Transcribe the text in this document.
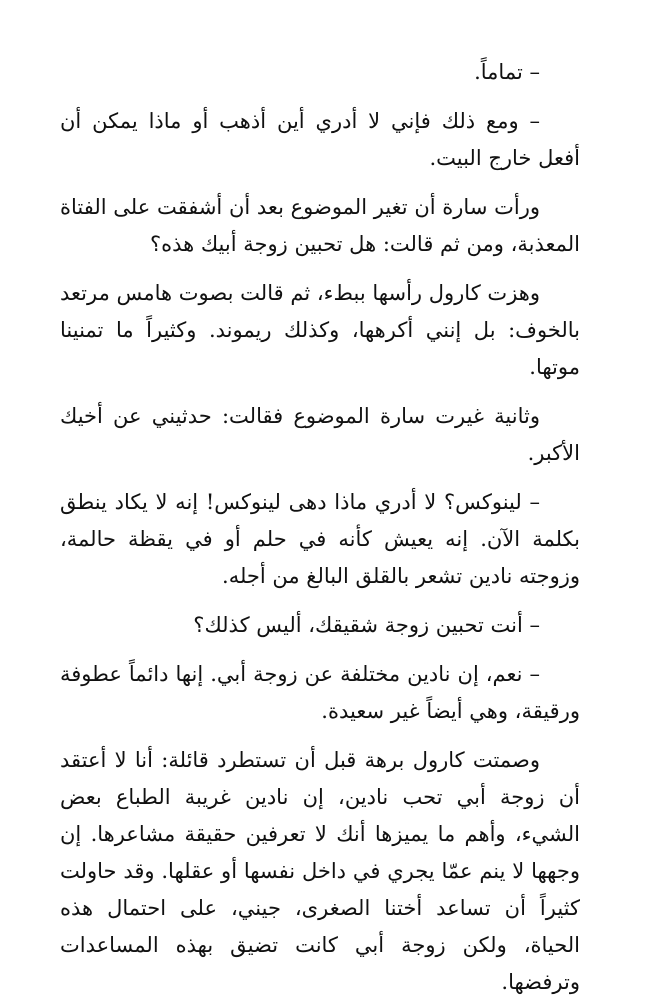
– تماماً.

– ومع ذلك فإني لا أدري أين أذهب أو ماذا يمكن أن أفعل خارج البيت.

ورأت سارة أن تغير الموضوع بعد أن أشفقت على الفتاة المعذبة، ومن ثم قالت: هل تحبين زوجة أبيك هذه؟

وهزت كارول رأسها ببطء، ثم قالت بصوت هامس مرتعد بالخوف: بل إنني أكرهها، وكذلك ريموند. وكثيراً ما تمنينا موتها.

وثانية غيرت سارة الموضوع فقالت: حدثيني عن أخيك الأكبر.

– لينوكس؟ لا أدري ماذا دهى لينوكس! إنه لا يكاد ينطق بكلمة الآن. إنه يعيش كأنه في حلم أو في يقظة حالمة، وزوجته نادين تشعر بالقلق البالغ من أجله.

– أنت تحبين زوجة شقيقك، أليس كذلك؟

– نعم، إن نادين مختلفة عن زوجة أبي. إنها دائماً عطوفة ورقيقة، وهي أيضاً غير سعيدة.

وصمتت كارول برهة قبل أن تستطرد قائلة: أنا لا أعتقد أن زوجة أبي تحب نادين، إن نادين غريبة الطباع بعض الشيء، وأهم ما يميزها أنك لا تعرفين حقيقة مشاعرها. إن وجهها لا ينم عمّا يجري في داخل نفسها أو عقلها. وقد حاولت كثيراً أن تساعد أختنا الصغرى، جيني، على احتمال هذه الحياة، ولكن زوجة أبي كانت تضيق بهذه المساعدات وترفضها.
